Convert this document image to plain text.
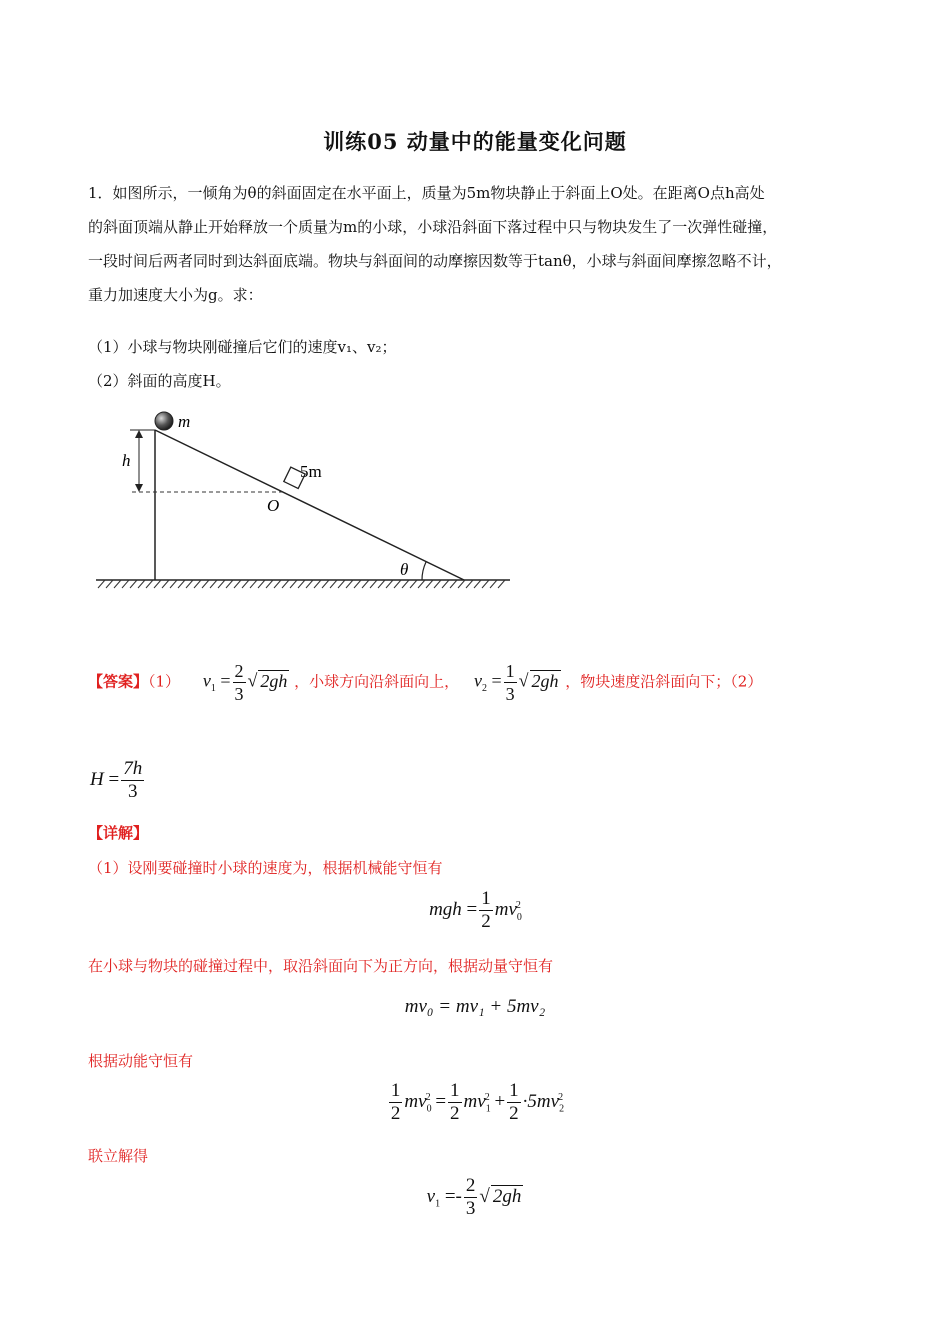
训练05 动量中的能量变化问题
1．如图所示，一倾角为θ的斜面固定在水平面上，质量为5m物块静止于斜面上O处。在距离O点h高处
的斜面顶端从静止开始释放一个质量为m的小球，小球沿斜面下落过程中只与物块发生了一次弹性碰撞，
一段时间后两者同时到达斜面底端。物块与斜面间的动摩擦因数等于tanθ，小球与斜面间摩擦忽略不计，
重力加速度大小为g。求：
（1）小球与物块刚碰撞后它们的速度v₁、v₂；
（2）斜面的高度H。
m
h
5m
O
θ
【答案】（1） $v_1 = \frac{2}{3}$ √ 2gh ，小球方向沿斜面向上， $v_2 = \frac{1}{3}$ √ 2gh ，物块速度沿斜面向下；（2）
$H = \frac{7h}{3}$
【详解】
（1）设刚要碰撞时小球的速度为，根据机械能守恒有
mgh = $\frac{1}{2} mv_0^2$
在小球与物块的碰撞过程中，取沿斜面向下为正方向，根据动量守恒有
mv₀ = mv₁ + 5mv₂
根据动能守恒有
$\frac{1}{2} mv_0^2 = \frac{1}{2} mv_1^2 + \frac{1}{2} \cdot 5mv_2^2$
联立解得
$v_1 =- \frac{2}{3}$ √ 2gh
